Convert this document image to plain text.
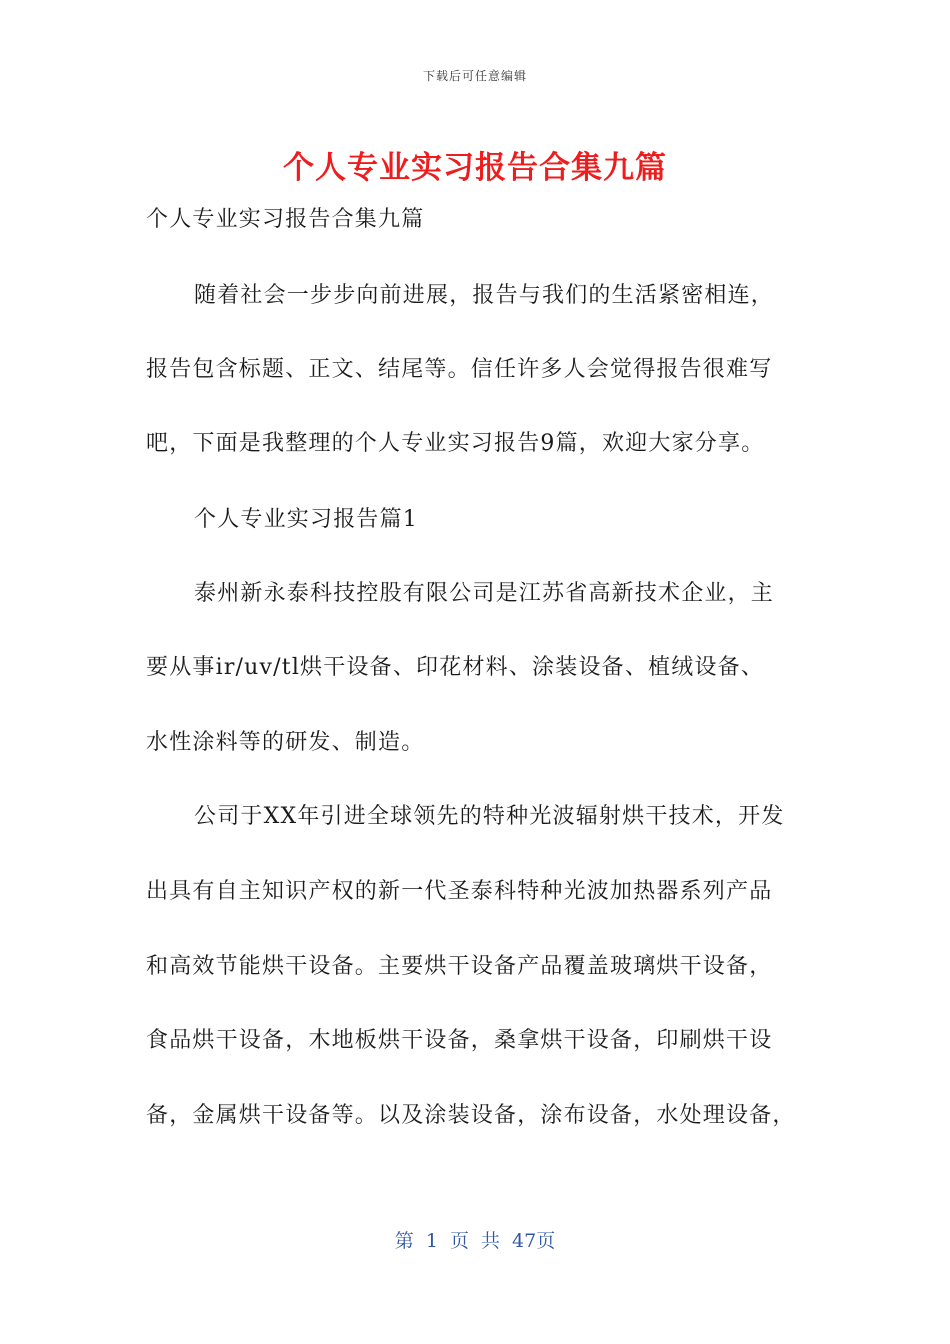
下载后可任意编辑
个人专业实习报告合集九篇
个人专业实习报告合集九篇
随着社会一步步向前进展，报告与我们的生活紧密相连，
报告包含标题、正文、结尾等。信任许多人会觉得报告很难写
吧，下面是我整理的个人专业实习报告9篇，欢迎大家分享。
个人专业实习报告篇1
泰州新永泰科技控股有限公司是江苏省高新技术企业，主
要从事ir/uv/tl烘干设备、印花材料、涂装设备、植绒设备、
水性涂料等的研发、制造。
公司于XX年引进全球领先的特种光波辐射烘干技术，开发
出具有自主知识产权的新一代圣泰科特种光波加热器系列产品
和高效节能烘干设备。主要烘干设备产品覆盖玻璃烘干设备，
食品烘干设备，木地板烘干设备，桑拿烘干设备，印刷烘干设
备，金属烘干设备等。以及涂装设备，涂布设备，水处理设备，
第 1 页 共 47页
